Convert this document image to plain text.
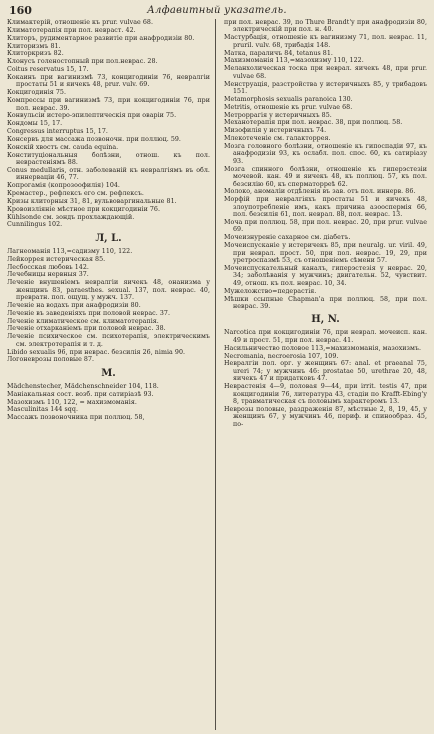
160	Алфавитный указатель.

Климактерій, отношеніе къ prur. vulvae 68.

Климатотерапія при пол. невраст. 42.

Клиторъ, рудиментарное развитіе при анафродизіи 80.

Клиторизмъ 81.

Клиторкризъ 82.

Клонусъ голеностопный при пол.неврас. 28.

Coitus reservatus 15, 17.

Кокаинъ при вагинизмѣ 73, концигодиніи 76, невралгіи простаты 51 и яичекъ 48, prur. vulv. 69.

Кокцигодинія 75.

Компрессы при вагинизмѣ 73, при кокцигодиніи 76, при пол. неврас. 39.

Конвульсіи истеро-эпилептическія при оваріи 75.

Кондомы 15, 17.

Congressus interruptus 15, 17.

Консервъ для массажа позвоночн. при поллюц. 59.

Конскій хвостъ см. cauda equina.

Конституціональныя болѣзни, отнош. къ пол. неврастеніямъ 88.

Conus medullaris, отн. заболеваній къ невралгіямъ въ обл. иннерваціи 46, 77.

Копрогамія (копрозоофилія) 104.

Кремастер., рефлексъ его см. рефлексъ.

Кризы клиторныя 31, 81, вульвоваргинальные 81.

Кровоизліяніе мѣстное при кокцигодиніи 76.

Kühlsonde см. зондъ прохлаждающій.

Cunnilingus 102.

Л, L.

Лагнеоманія 113,=садизму 110, 122.

Лейкоррея истерическая 85.

Лесбосская любовь 142.

Лечебницы нервныя 37.

Леченіе внушеніемъ невралгіи яичекъ 48, онанизма у женщинъ 83, paraesthes. sexual. 137, пол. неврас. 40, превратн. пол. ощущ. у мужч. 137.

Леченіе на водахъ при анафродизіи 80.

Леченіе въ заведеніяхъ при половой неврас. 37.

Леченіе климатическое см. климатотерапія.

Леченіе отхарканіемъ при половой неврас. 38.

Леченіе психическое см. психотерапія, электрическимъ см. электротерапія и т. д.

Libido sexualis 96, при неврас. безсилія 26, nimia 90.

Логоневрозы половые 87.

M.

Mädchenstecher, Mädchenschneider 104, 118.

Маніакальная сост. возб. при сатиріазѣ 93.

Мазохизмъ 110, 122, = махизмоманія.

Masculinitas 144 sqq.

Массажъ позвоночника при поллюц. 58,

при пол. неврас. 39, по Thure Brandt'y при анафродизіи 80, электрическій при пол. н. 40.

Мастурбація, отношеніе къ вагинизму 71, пол. неврас. 11, pruril. vulv. 68, трибадія 148.

Матка, параличъ 84, tetanus 81.

Махизмоманія 113,=мазохизму 110, 122.

Меланхолическая тоска при неврал. яичекъ 48, при prur. vulvae 68.

Менструація, разстройства у истеричныхъ 85, у трибадовъ 151.

Metamorphosis sexualis paranoica 130.

Metritis, отношеніе къ prur. vulvae 68.

Метроррагія у истеричныхъ 85.

Механотерапія при пол. неврас. 38, при поллюц. 58.

Мизофилія у истеричныхъ 74.

Млекотеченіе см. галакторрея.

Мозга головного болѣзни, отношеніе къ гипоспадіи 97, къ анафродизіи 93, къ ослабл. пол. спос. 60, къ сатиріазу 93.

Мозга спинного болѣзни, отношеніе къ гиперэстезіи мочевой. кан. 49 и яичекъ 48, къ поллюц. 57, къ пол. безсилію 60, къ сперматорреѣ 62.

Молоко, аномаліи отдѣленія въ зав. отъ пол. иннерв. 86.

Морфій при невралгіяхъ простаты 51 и яичекъ 48, злоупотребленіе имъ, какъ причина азооспермія 66, пол. безсилія 61, пол. неврал. 88, пол. неврас. 13.

Моча при поллюц. 58, при пол. неврас. 20, при prur. vulvae 69.

Мочеизнуреніе сахарное см. діабетъ.

Мочеиспусканіе у истеричекъ 85, при neuralg. ur. viril. 49, при неврал. прост. 50, при пол. неврас. 19, 29, при уретроспазмѣ 53, съ отношеніемъ сѣмени 57.

Мочеиспускательный каналъ, гиперэстезія у неврас. 20, 34; заболѣванія у мужчинъ; двигательн. 52, чувствит. 49, отнош. къ пол. неврас. 10, 34.

Мужеложство=педерастія.

Мѣшки ссыпные Chapman'а при поллюц. 58, при пол. неврас. 39.

H, N.

Narcotica при кокцигодиніи 76, при неврал. мочеисп. кан. 49 и прост. 51, при пол. неврас. 41.

Насильничество половое 113,=махизмоманія, мазохизмъ.

Necromania, necroerosia 107, 109.

Невралгіи пол. орг. у женщинъ 67: anal. et praeanal 75, ureri 74; у мужчинъ 46: prostatae 50, urethrae 20, 48, яичекъ 47 и придатковъ 47.

Неврастенія 4—9, половая 9—44, при irrit. testis 47, при кокцигодиніи 76, литература 43, стадіи по Krafft-Ebing'у 8, травматическая съ половымъ характеромъ 13.

Неврозы половые, раздраженія 87, мѣстные 2, 8, 19, 45, у женщинъ 67, у мужчинъ 46, периф. и спинообраз. 45, по-
